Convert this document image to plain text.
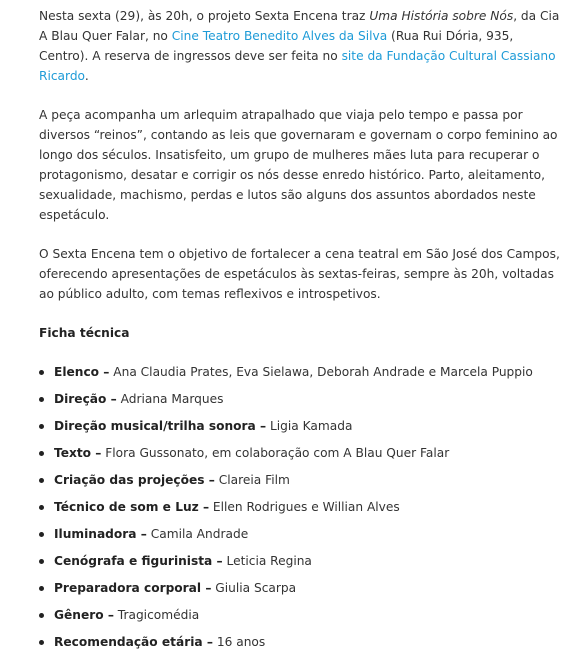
Nesta sexta (29), às 20h, o projeto Sexta Encena traz Uma História sobre Nós, da Cia A Blau Quer Falar, no Cine Teatro Benedito Alves da Silva (Rua Rui Dória, 935, Centro). A reserva de ingressos deve ser feita no site da Fundação Cultural Cassiano Ricardo.

A peça acompanha um arlequim atrapalhado que viaja pelo tempo e passa por diversos “reinos”, contando as leis que governaram e governam o corpo feminino ao longo dos séculos. Insatisfeito, um grupo de mulheres mães luta para recuperar o protagonismo, desatar e corrigir os nós desse enredo histórico. Parto, aleitamento, sexualidade, machismo, perdas e lutos são alguns dos assuntos abordados neste espetáculo.

O Sexta Encena tem o objetivo de fortalecer a cena teatral em São José dos Campos, oferecendo apresentações de espetáculos às sextas-feiras, sempre às 20h, voltadas ao público adulto, com temas reflexivos e introspetivos.

Ficha técnica
Elenco – Ana Claudia Prates, Eva Sielawa, Deborah Andrade e Marcela Puppio
Direção – Adriana Marques
Direção musical/trilha sonora – Ligia Kamada
Texto – Flora Gussonato, em colaboração com A Blau Quer Falar
Criação das projeções – Clareia Film
Técnico de som e Luz – Ellen Rodrigues e Willian Alves
Iluminadora – Camila Andrade
Cenógrafa e figurinista – Leticia Regina
Preparadora corporal – Giulia Scarpa
Gênero – Tragicomédia
Recomendação etária – 16 anos
